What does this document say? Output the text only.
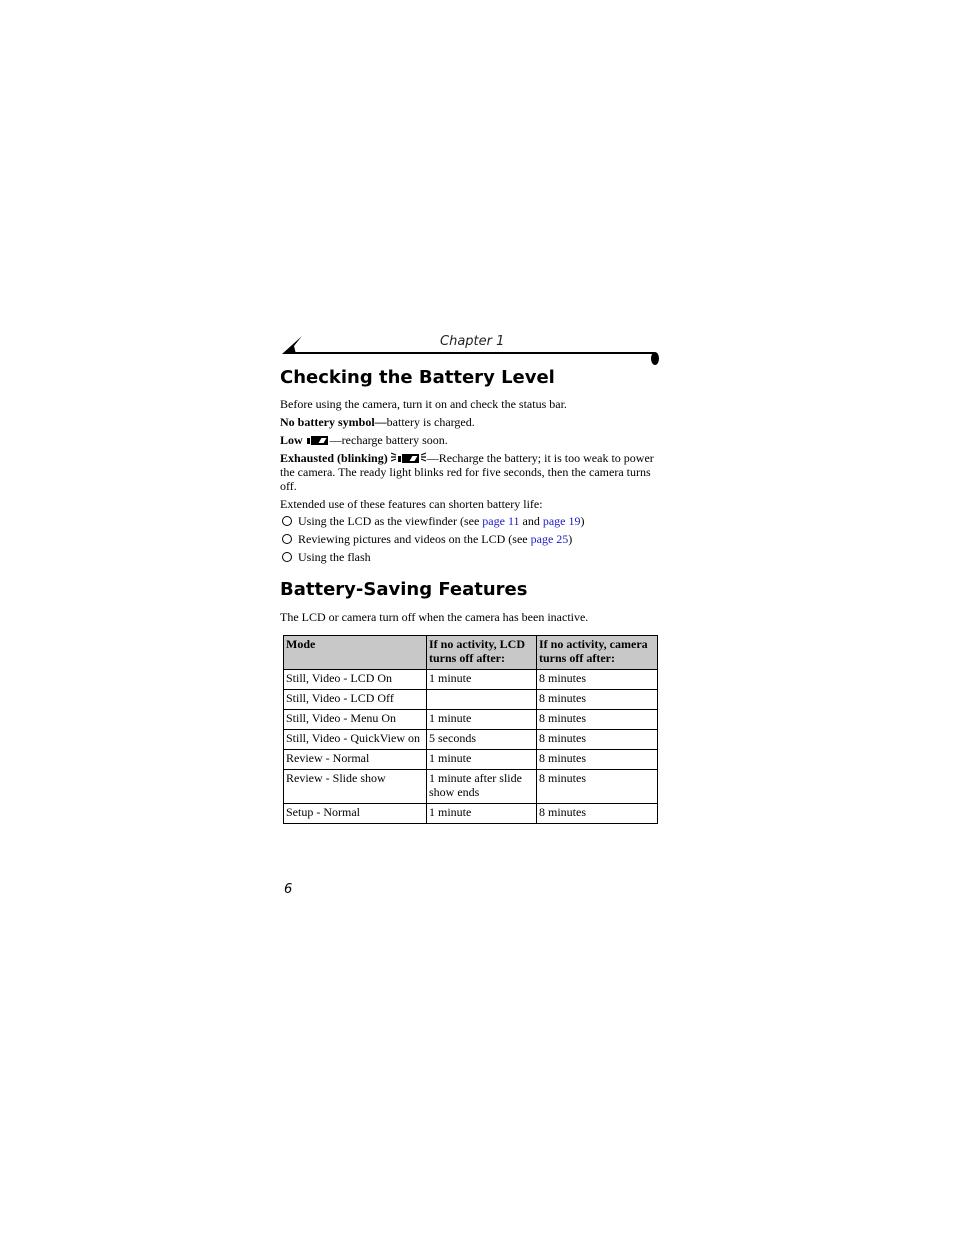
Chapter 1
Checking the Battery Level

Before using the camera, turn it on and check the status bar.

No battery symbol—battery is charged.

Low —recharge battery soon.

Exhausted (blinking)	—Recharge the battery; it is too weak to power the camera. The ready light blinks red for five seconds, then the camera turns off.

Extended use of these features can shorten battery life:

Using the LCD as the viewfinder (see page 11 and page 19)
Reviewing pictures and videos on the LCD (see page 25)
Using the flash
Battery-Saving Features

The LCD or camera turn off when the camera has been inactive.

Mode	If no activity, LCD turns off after:	If no activity, camera turns off after:
Still, Video - LCD On	1 minute	8 minutes
Still, Video - LCD Off		8 minutes
Still, Video - Menu On	1 minute	8 minutes
Still, Video - QuickView on	5 seconds	8 minutes
Review - Normal	1 minute	8 minutes
Review - Slide show	1 minute after slide show ends	8 minutes
Setup - Normal	1 minute	8 minutes
6
